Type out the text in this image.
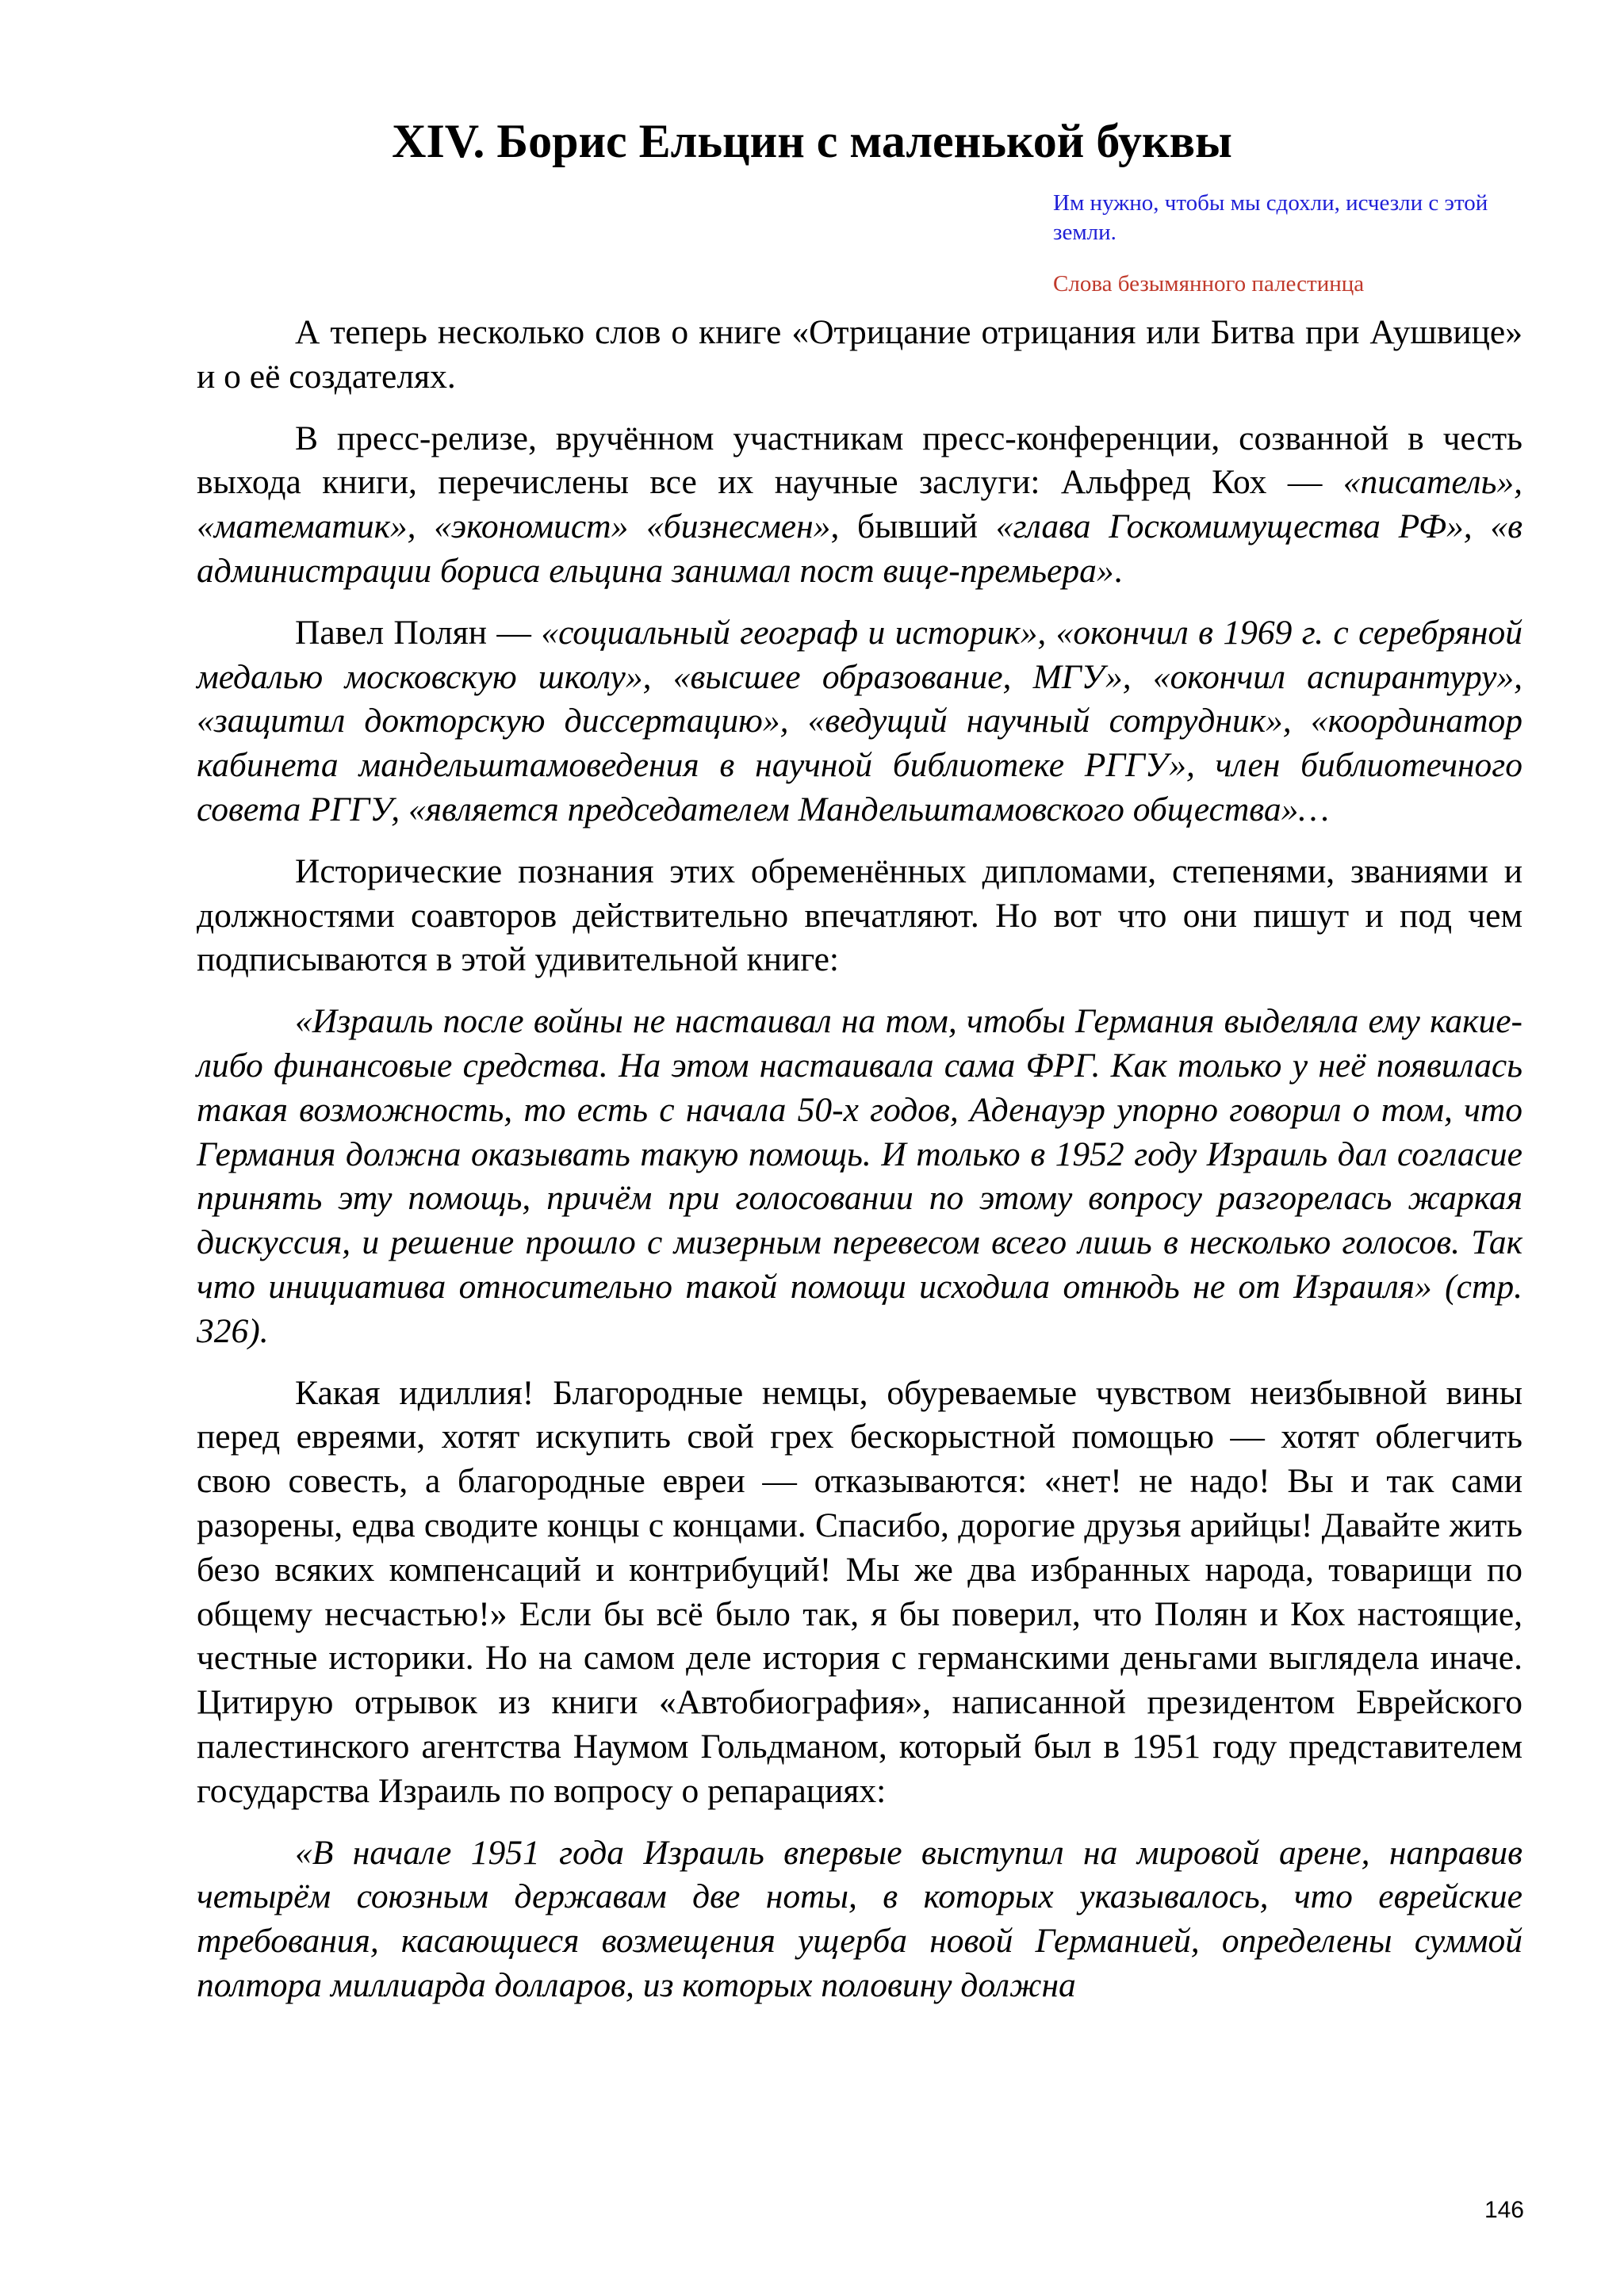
XIV. Борис Ельцин с маленькой буквы

Им нужно, чтобы мы сдохли, исчезли с этой земли.

Слова безымянного палестинца

А теперь несколько слов о книге «Отрицание отрицания или Битва при Аушвице» и о её создателях.

В пресс-релизе, вручённом участникам пресс-конференции, созванной в честь выхода книги, перечислены все их научные заслуги: Альфред Кох — «писатель», «математик», «экономист» «бизнесмен», бывший «глава Госкомимущества РФ», «в администрации бориса ельцина занимал пост вице-премьера».

Павел Полян — «социальный географ и историк», «окончил в 1969 г. с серебряной медалью московскую школу», «высшее образование, МГУ», «окончил аспирантуру», «защитил докторскую диссертацию», «ведущий научный сотрудник», «координатор кабинета мандельштамоведения в научной библиотеке РГГУ», член библиотечного совета РГГУ, «является председателем Мандельштамовского общества»…

Исторические познания этих обременённых дипломами, степенями, званиями и должностями соавторов действительно впечатляют. Но вот что они пишут и под чем подписываются в этой удивительной книге:

«Израиль после войны не настаивал на том, чтобы Германия выделяла ему какие-либо финансовые средства. На этом настаивала сама ФРГ. Как только у неё появилась такая возможность, то есть с начала 50-х годов, Аденауэр упорно говорил о том, что Германия должна оказывать такую помощь. И только в 1952 году Израиль дал согласие принять эту помощь, причём при голосовании по этому вопросу разгорелась жаркая дискуссия, и решение прошло с мизерным перевесом всего лишь в несколько голосов. Так что инициатива относительно такой помощи исходила отнюдь не от Израиля» (стр. 326).

Какая идиллия! Благородные немцы, обуреваемые чувством неизбывной вины перед евреями, хотят искупить свой грех бескорыстной помощью — хотят облегчить свою совесть, а благородные евреи — отказываются: «нет! не надо! Вы и так сами разорены, едва сводите концы с концами. Спасибо, дорогие друзья арийцы! Давайте жить безо всяких компенсаций и контрибуций! Мы же два избранных народа, товарищи по общему несчастью!» Если бы всё было так, я бы поверил, что Полян и Кох настоящие, честные историки. Но на самом деле история с германскими деньгами выглядела иначе. Цитирую отрывок из книги «Автобиография», написанной президентом Еврейского палестинского агентства Наумом Гольдманом, который был в 1951 году представителем государства Израиль по вопросу о репарациях:

«В начале 1951 года Израиль впервые выступил на мировой арене, направив четырём союзным державам две ноты, в которых указывалось, что еврейские требования, касающиеся возмещения ущерба новой Германией, определены суммой полтора миллиарда долларов, из которых половину должна

146
